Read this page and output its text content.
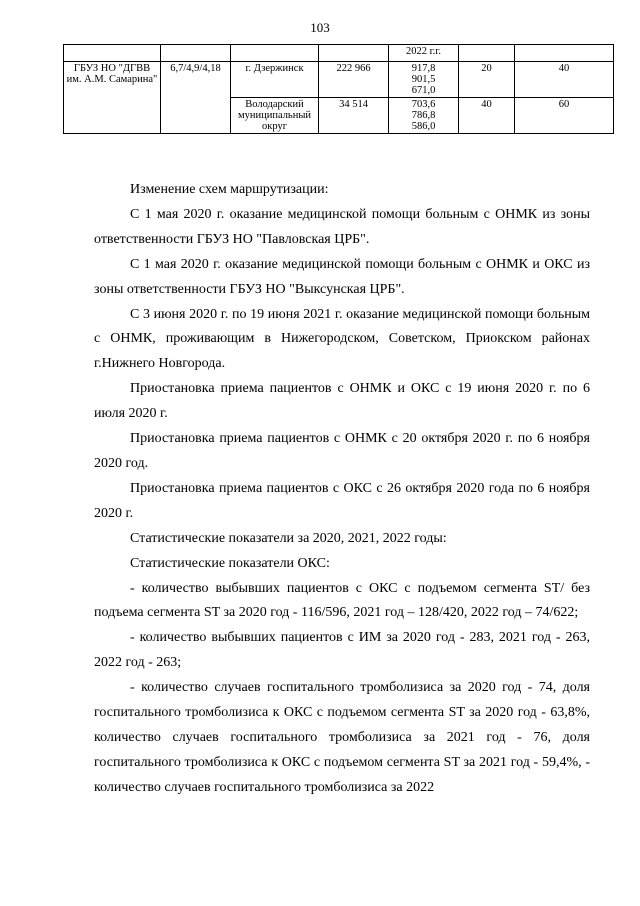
103
				2022 г.г.		
ГБУЗ НО "ДГВВ им. А.М. Самарина"	6,7/4,9/4,18	г. Дзержинск	222 966	917,8
901,5
671,0	20	40
		Володарский муниципальный округ	34 514	703,6
786,8
586,0	40	60

Изменение схем маршрутизации:

С 1 мая 2020 г. оказание медицинской помощи больным с ОНМК из зоны ответственности ГБУЗ НО "Павловская ЦРБ".

С 1 мая 2020 г. оказание медицинской помощи больным с ОНМК и ОКС из зоны ответственности ГБУЗ НО "Выксунская ЦРБ".

С 3 июня 2020 г. по 19 июня 2021 г. оказание медицинской помощи больным с ОНМК, проживающим в Нижегородском, Советском, Приокском районах г.Нижнего Новгорода.

Приостановка приема пациентов с ОНМК и ОКС с 19 июня 2020 г. по 6 июля 2020 г.

Приостановка приема пациентов с ОНМК с 20 октября 2020 г. по 6 ноября 2020 год.

Приостановка приема пациентов с ОКС с 26 октября 2020 года по 6 ноября 2020 г.

Статистические показатели за 2020, 2021, 2022 годы:

Статистические показатели ОКС:

- количество выбывших пациентов с ОКС с подъемом сегмента ST/ без подъема сегмента ST за 2020 год - 116/596, 2021 год – 128/420, 2022 год – 74/622;

- количество выбывших пациентов с ИМ за 2020 год - 283, 2021 год - 263, 2022 год - 263;

- количество случаев госпитального тромболизиса за 2020 год - 74, доля госпитального тромболизиса к ОКС с подъемом сегмента ST за 2020 год - 63,8%, количество случаев госпитального тромболизиса за 2021 год - 76, доля госпитального тромболизиса к ОКС с подъемом сегмента ST за 2021 год - 59,4%, - количество случаев госпитального тромболизиса за 2022
